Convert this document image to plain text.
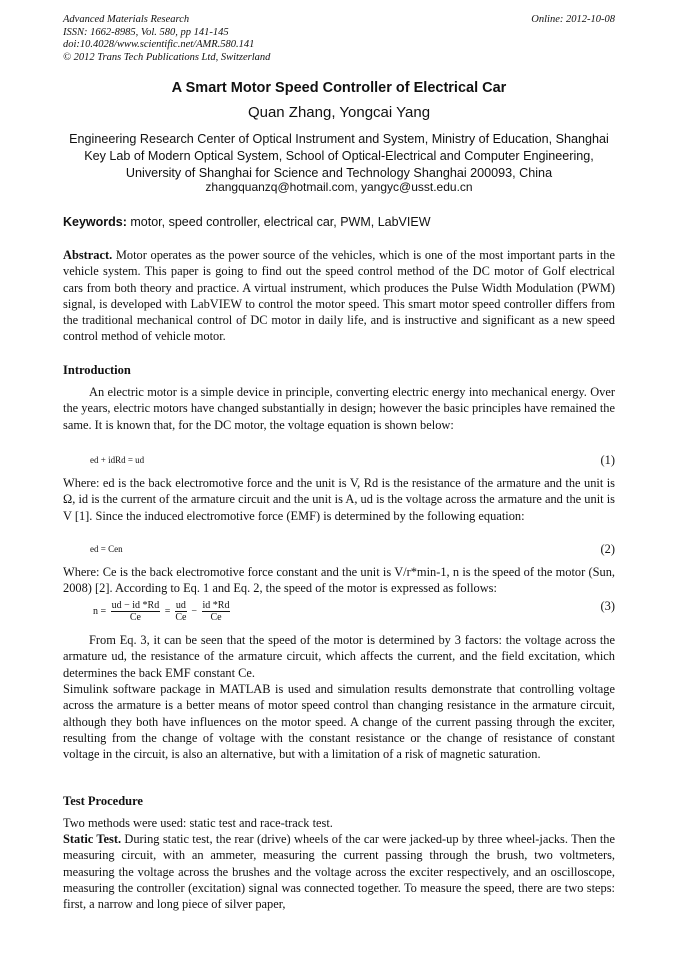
Advanced Materials Research
ISSN: 1662-8985, Vol. 580, pp 141-145
doi:10.4028/www.scientific.net/AMR.580.141
© 2012 Trans Tech Publications Ltd, Switzerland
Online: 2012-10-08
A Smart Motor Speed Controller of Electrical Car
Quan Zhang, Yongcai Yang
Engineering Research Center of Optical Instrument and System, Ministry of Education, Shanghai
Key Lab of Modern Optical System, School of Optical-Electrical and Computer Engineering,
University of Shanghai for Science and Technology Shanghai 200093, China
zhangquanzq@hotmail.com, yangyc@usst.edu.cn
Keywords: motor, speed controller, electrical car, PWM, LabVIEW
Abstract. Motor operates as the power source of the vehicles, which is one of the most important parts in the vehicle system. This paper is going to find out the speed control method of the DC motor of Golf electrical cars from both theory and practice. A virtual instrument, which produces the Pulse Width Modulation (PWM) signal, is developed with LabVIEW to control the motor speed. This smart motor speed controller differs from the traditional mechanical control of DC motor in daily life, and is instructive and significant as a new speed control method of vehicle motor.
Introduction
An electric motor is a simple device in principle, converting electric energy into mechanical energy. Over the years, electric motors have changed substantially in design; however the basic principles have remained the same. It is known that, for the DC motor, the voltage equation is shown below:
ed + idRd = ud	(1)
Where: ed is the back electromotive force and the unit is V, Rd is the resistance of the armature and the unit is Ω, id is the current of the armature circuit and the unit is A, ud is the voltage across the armature and the unit is V [1]. Since the induced electromotive force (EMF) is determined by the following equation:
ed = Cen	(2)
Where: Ce is the back electromotive force constant and the unit is V/r*min-1, n is the speed of the motor (Sun, 2008) [2]. According to Eq. 1 and Eq. 2, the speed of the motor is expressed as follows:
$n = \frac{ud - id *Rd}{Ce} = \frac{ud}{Ce} - \frac{id *Rd}{Ce}$	(3)
From Eq. 3, it can be seen that the speed of the motor is determined by 3 factors: the voltage across the armature ud, the resistance of the armature circuit, which affects the current, and the field excitation, which determines the back EMF constant Ce.
Simulink software package in MATLAB is used and simulation results demonstrate that controlling voltage across the armature is a better means of motor speed control than changing resistance in the armature circuit, although they both have influences on the motor speed. A change of the current passing through the exciter, resulting from the change of voltage with the constant resistance or the change of resistance of constant voltage in the circuit, is also an alternative, but with a limitation of a risk of magnetic saturation.
Test Procedure
Two methods were used: static test and race-track test.
Static Test. During static test, the rear (drive) wheels of the car were jacked-up by three wheel-jacks. Then the measuring circuit, with an ammeter, measuring the current passing through the brush, two voltmeters, measuring the voltage across the brushes and the voltage across the exciter respectively, and an oscilloscope, measuring the controller (excitation) signal was connected together. To measure the speed, there are two steps: first, a narrow and long piece of silver paper,
